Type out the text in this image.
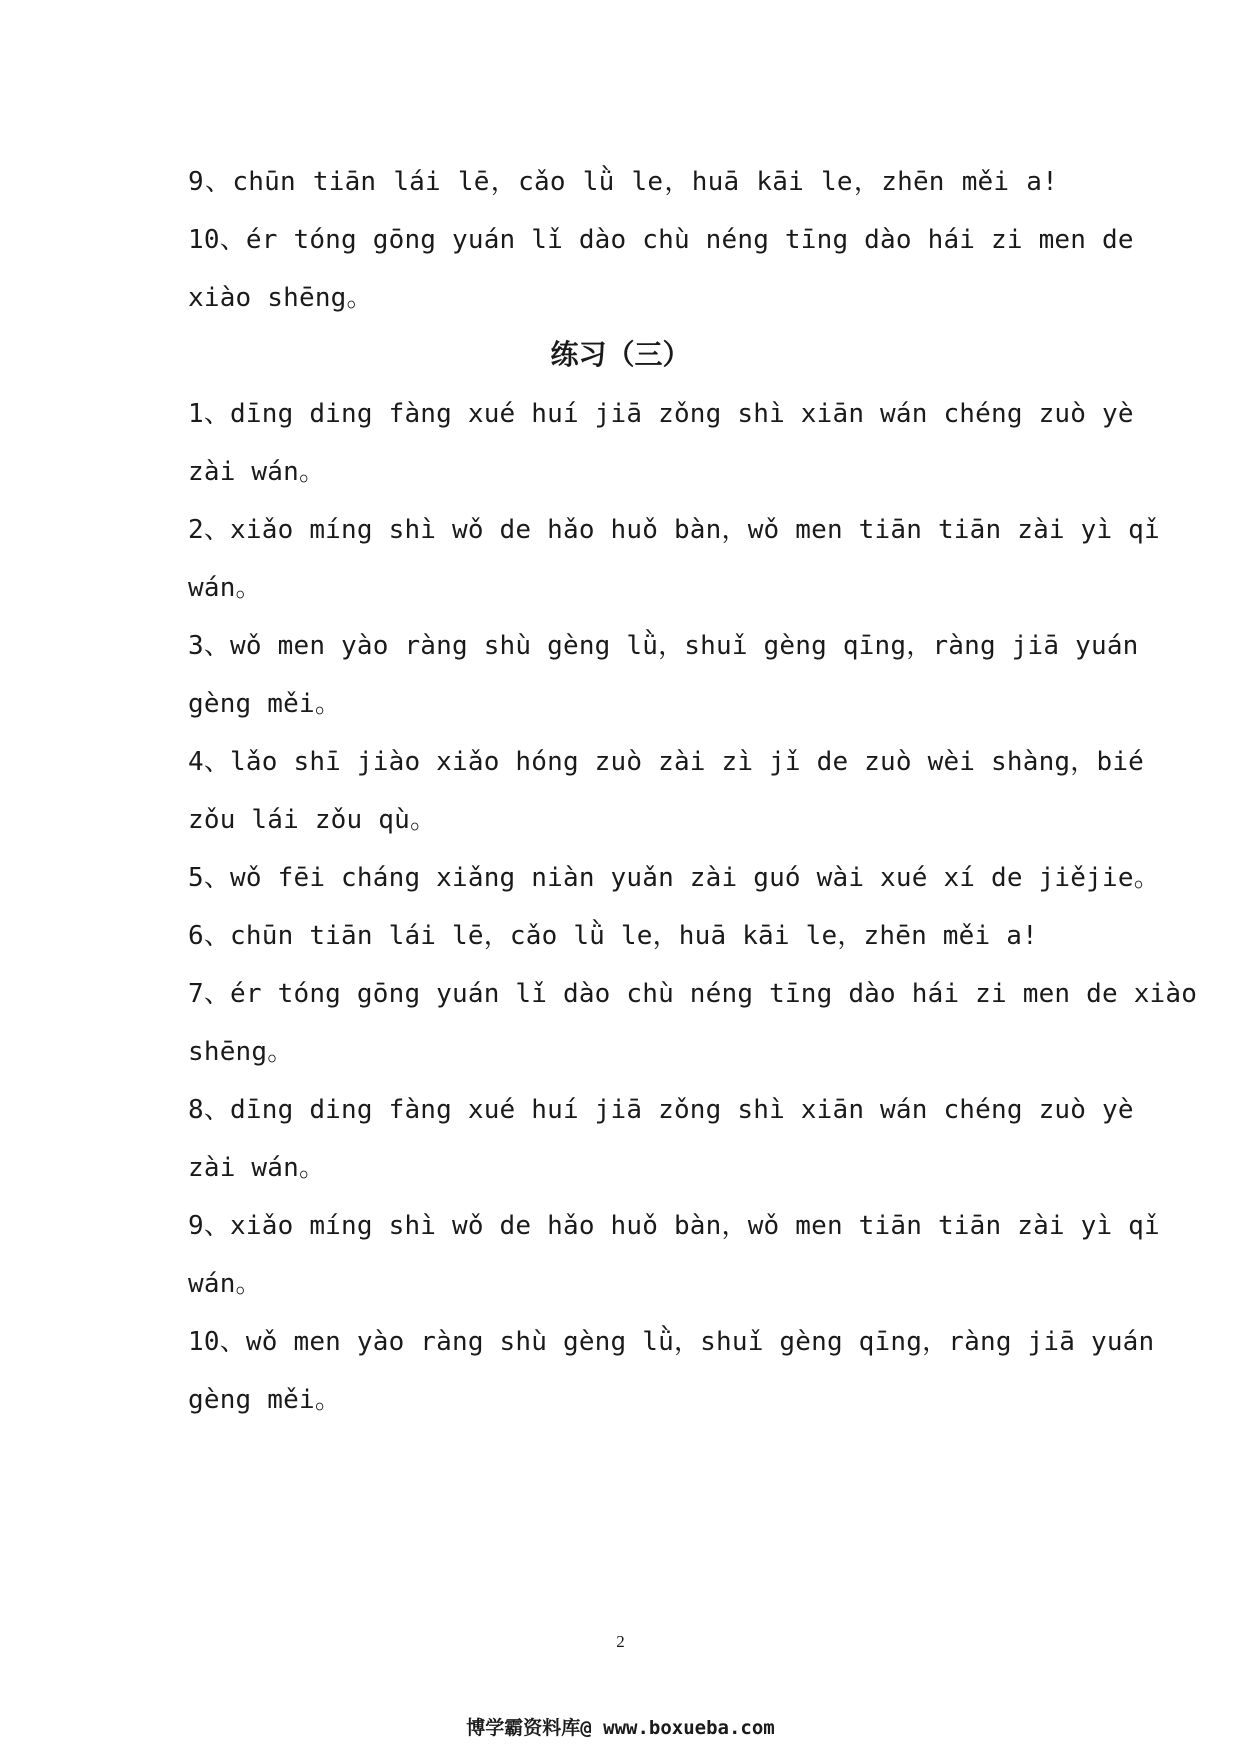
9、chūn tiān lái lē，cǎo lǜ le，huā kāi le，zhēn měi a!
10、ér tóng gōng yuán lǐ dào chù néng tīng dào hái zi men de
xiào shēng。
练习（三）
1、dīng ding fàng xué huí jiā zǒng shì xiān wán chéng zuò yè
zài wán。
2、xiǎo míng shì wǒ de hǎo huǒ bàn，wǒ men tiān tiān zài yì qǐ
wán。
3、wǒ men yào ràng shù gèng lǜ，shuǐ gèng qīng，ràng jiā yuán
gèng měi。
4、lǎo shī jiào xiǎo hóng zuò zài zì jǐ de zuò wèi shàng，bié
zǒu lái zǒu qù。
5、wǒ fēi cháng xiǎng niàn yuǎn zài guó wài xué xí de jiějie。
6、chūn tiān lái lē，cǎo lǜ le，huā kāi le，zhēn měi a!
7、ér tóng gōng yuán lǐ dào chù néng tīng dào hái zi men de xiào
shēng。
8、dīng ding fàng xué huí jiā zǒng shì xiān wán chéng zuò yè
zài wán。
9、xiǎo míng shì wǒ de hǎo huǒ bàn，wǒ men tiān tiān zài yì qǐ
wán。
10、wǒ men yào ràng shù gèng lǜ，shuǐ gèng qīng，ràng jiā yuán
gèng měi。
2
博学霸资料库@ www.boxueba.com
